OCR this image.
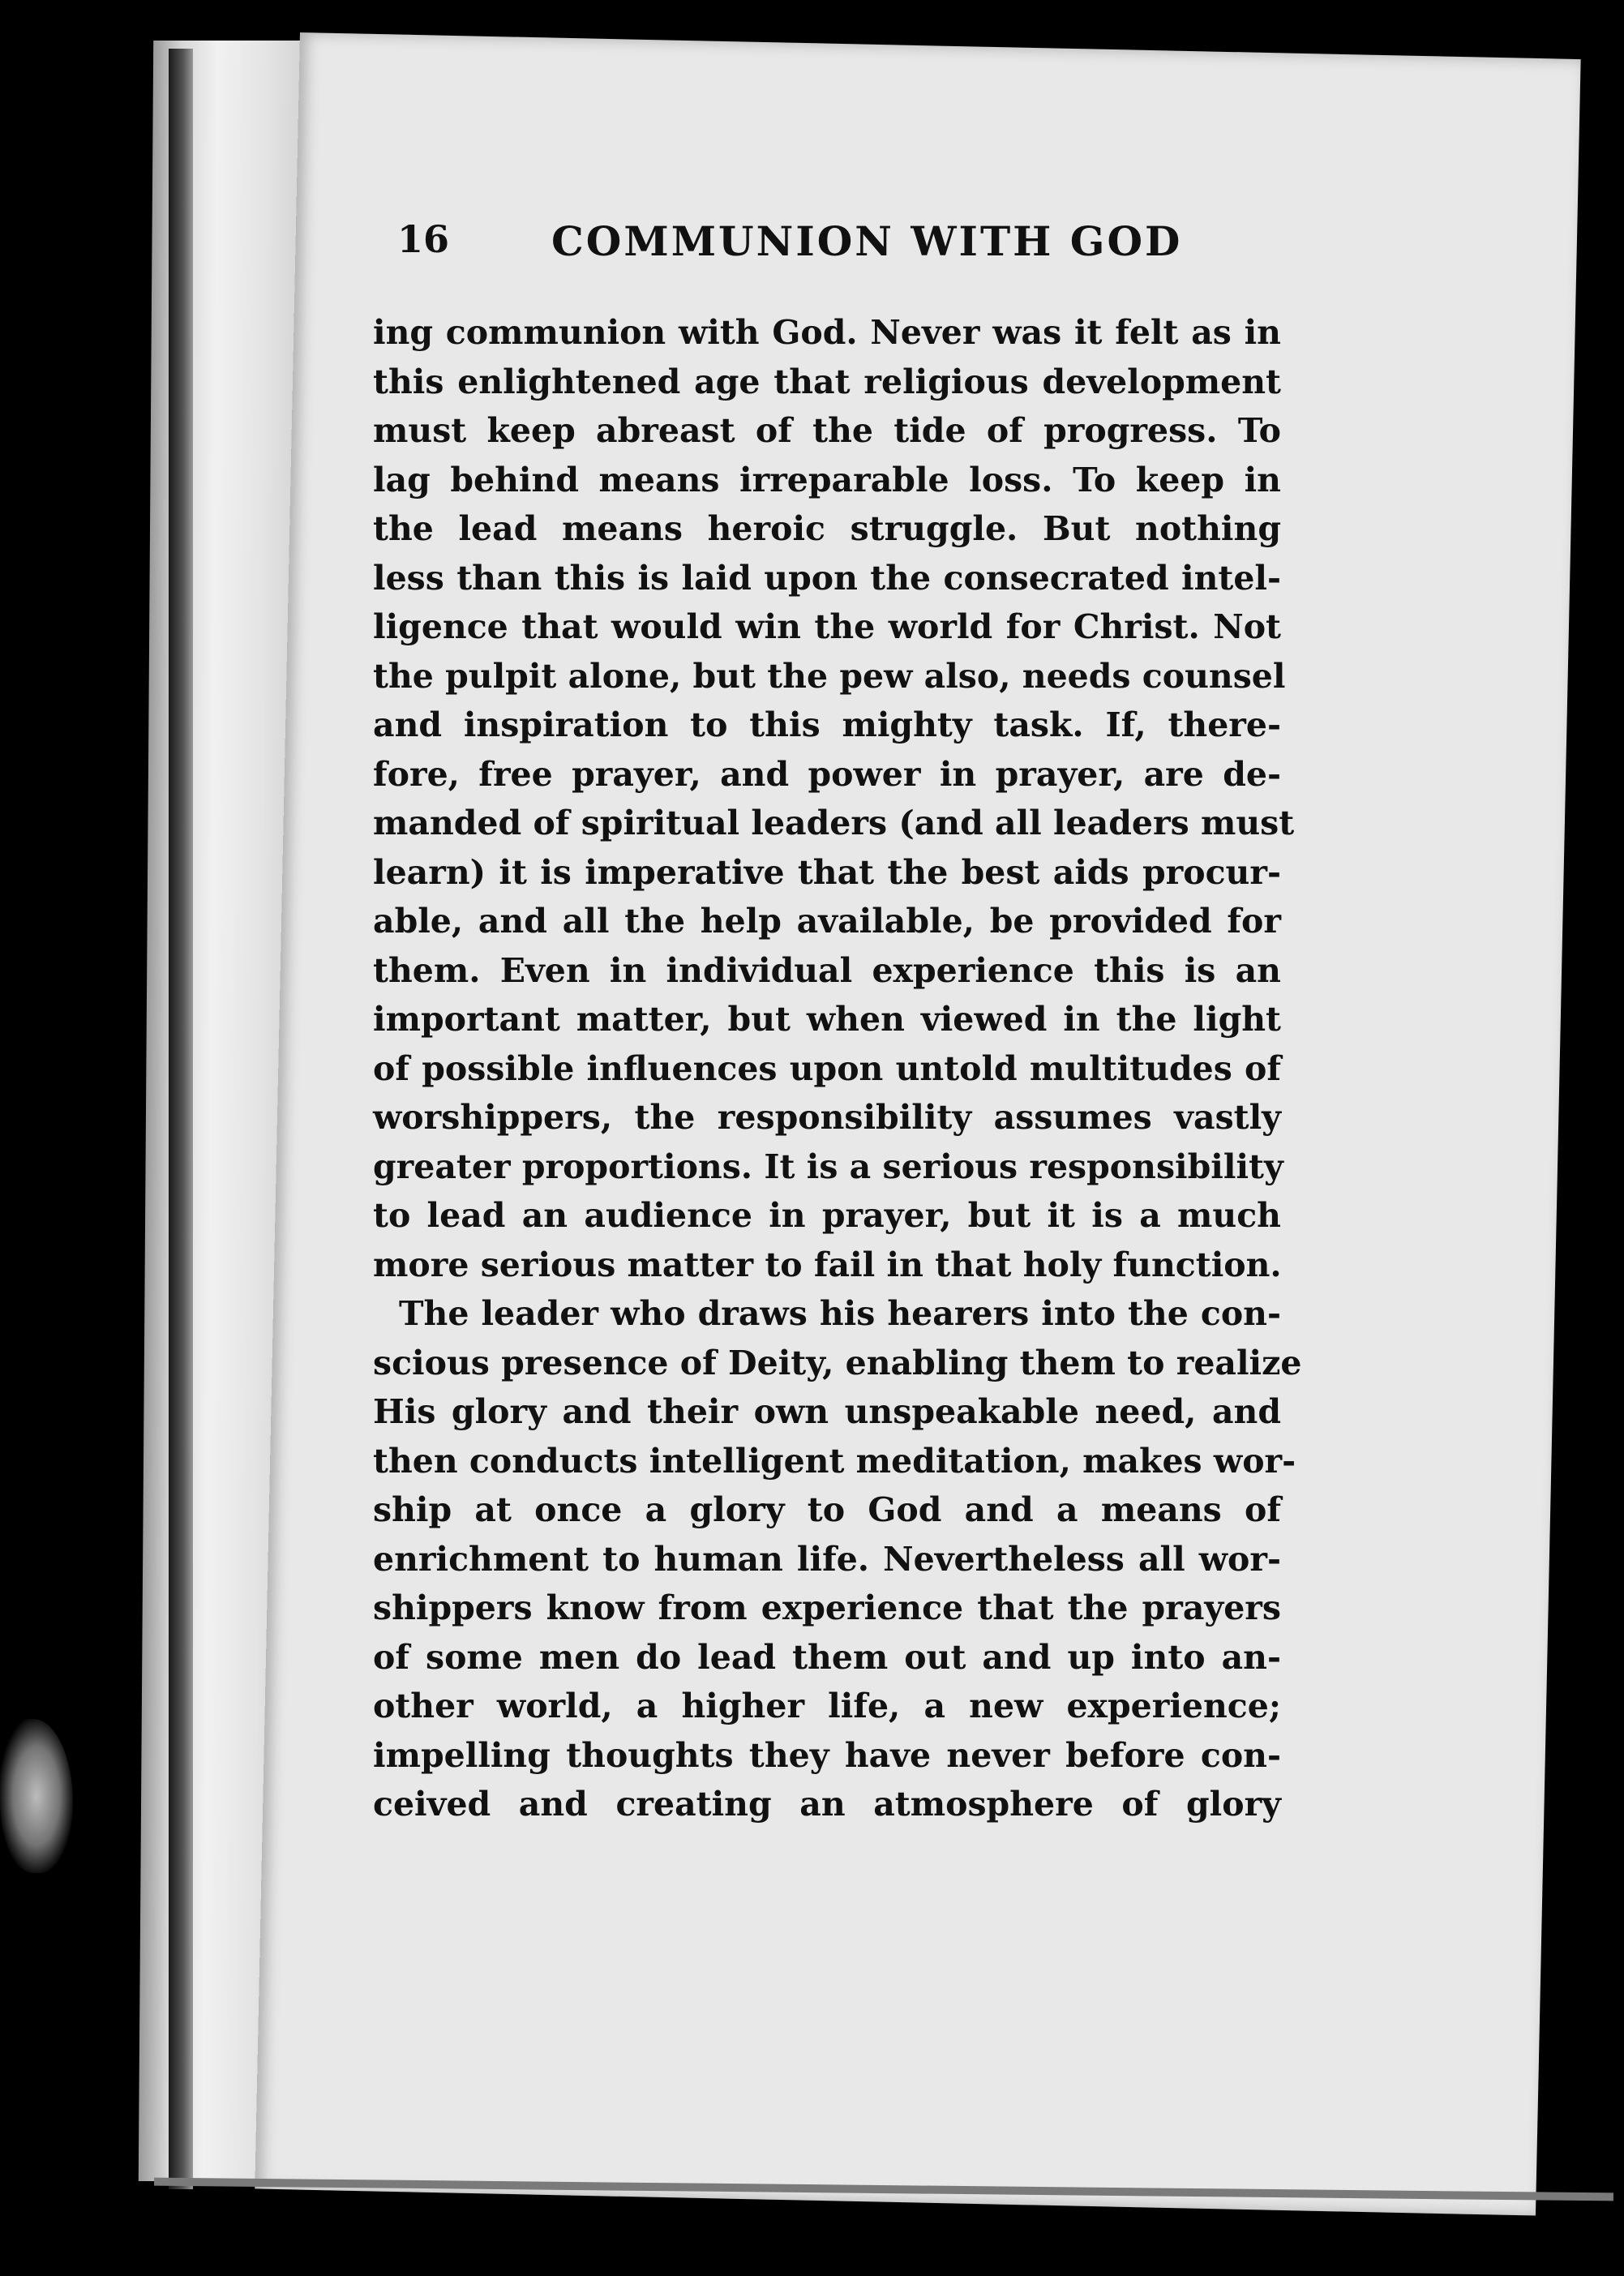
16	COMMUNION WITH GOD
ing communion with God. Never was it felt as in
this enlightened age that religious development
must keep abreast of the tide of progress. To
lag behind means irreparable loss. To keep in
the lead means heroic struggle. But nothing
less than this is laid upon the consecrated intel-
ligence that would win the world for Christ. Not
the pulpit alone, but the pew also, needs counsel
and inspiration to this mighty task. If, there-
fore, free prayer, and power in prayer, are de-
manded of spiritual leaders (and all leaders must
learn) it is imperative that the best aids procur-
able, and all the help available, be provided for
them. Even in individual experience this is an
important matter, but when viewed in the light
of possible influences upon untold multitudes of
worshippers, the responsibility assumes vastly
greater proportions. It is a serious responsibility
to lead an audience in prayer, but it is a much
more serious matter to fail in that holy function.
The leader who draws his hearers into the con-
scious presence of Deity, enabling them to realize
His glory and their own unspeakable need, and
then conducts intelligent meditation, makes wor-
ship at once a glory to God and a means of
enrichment to human life. Nevertheless all wor-
shippers know from experience that the prayers
of some men do lead them out and up into an-
other world, a higher life, a new experience;
impelling thoughts they have never before con-
ceived and creating an atmosphere of glory
